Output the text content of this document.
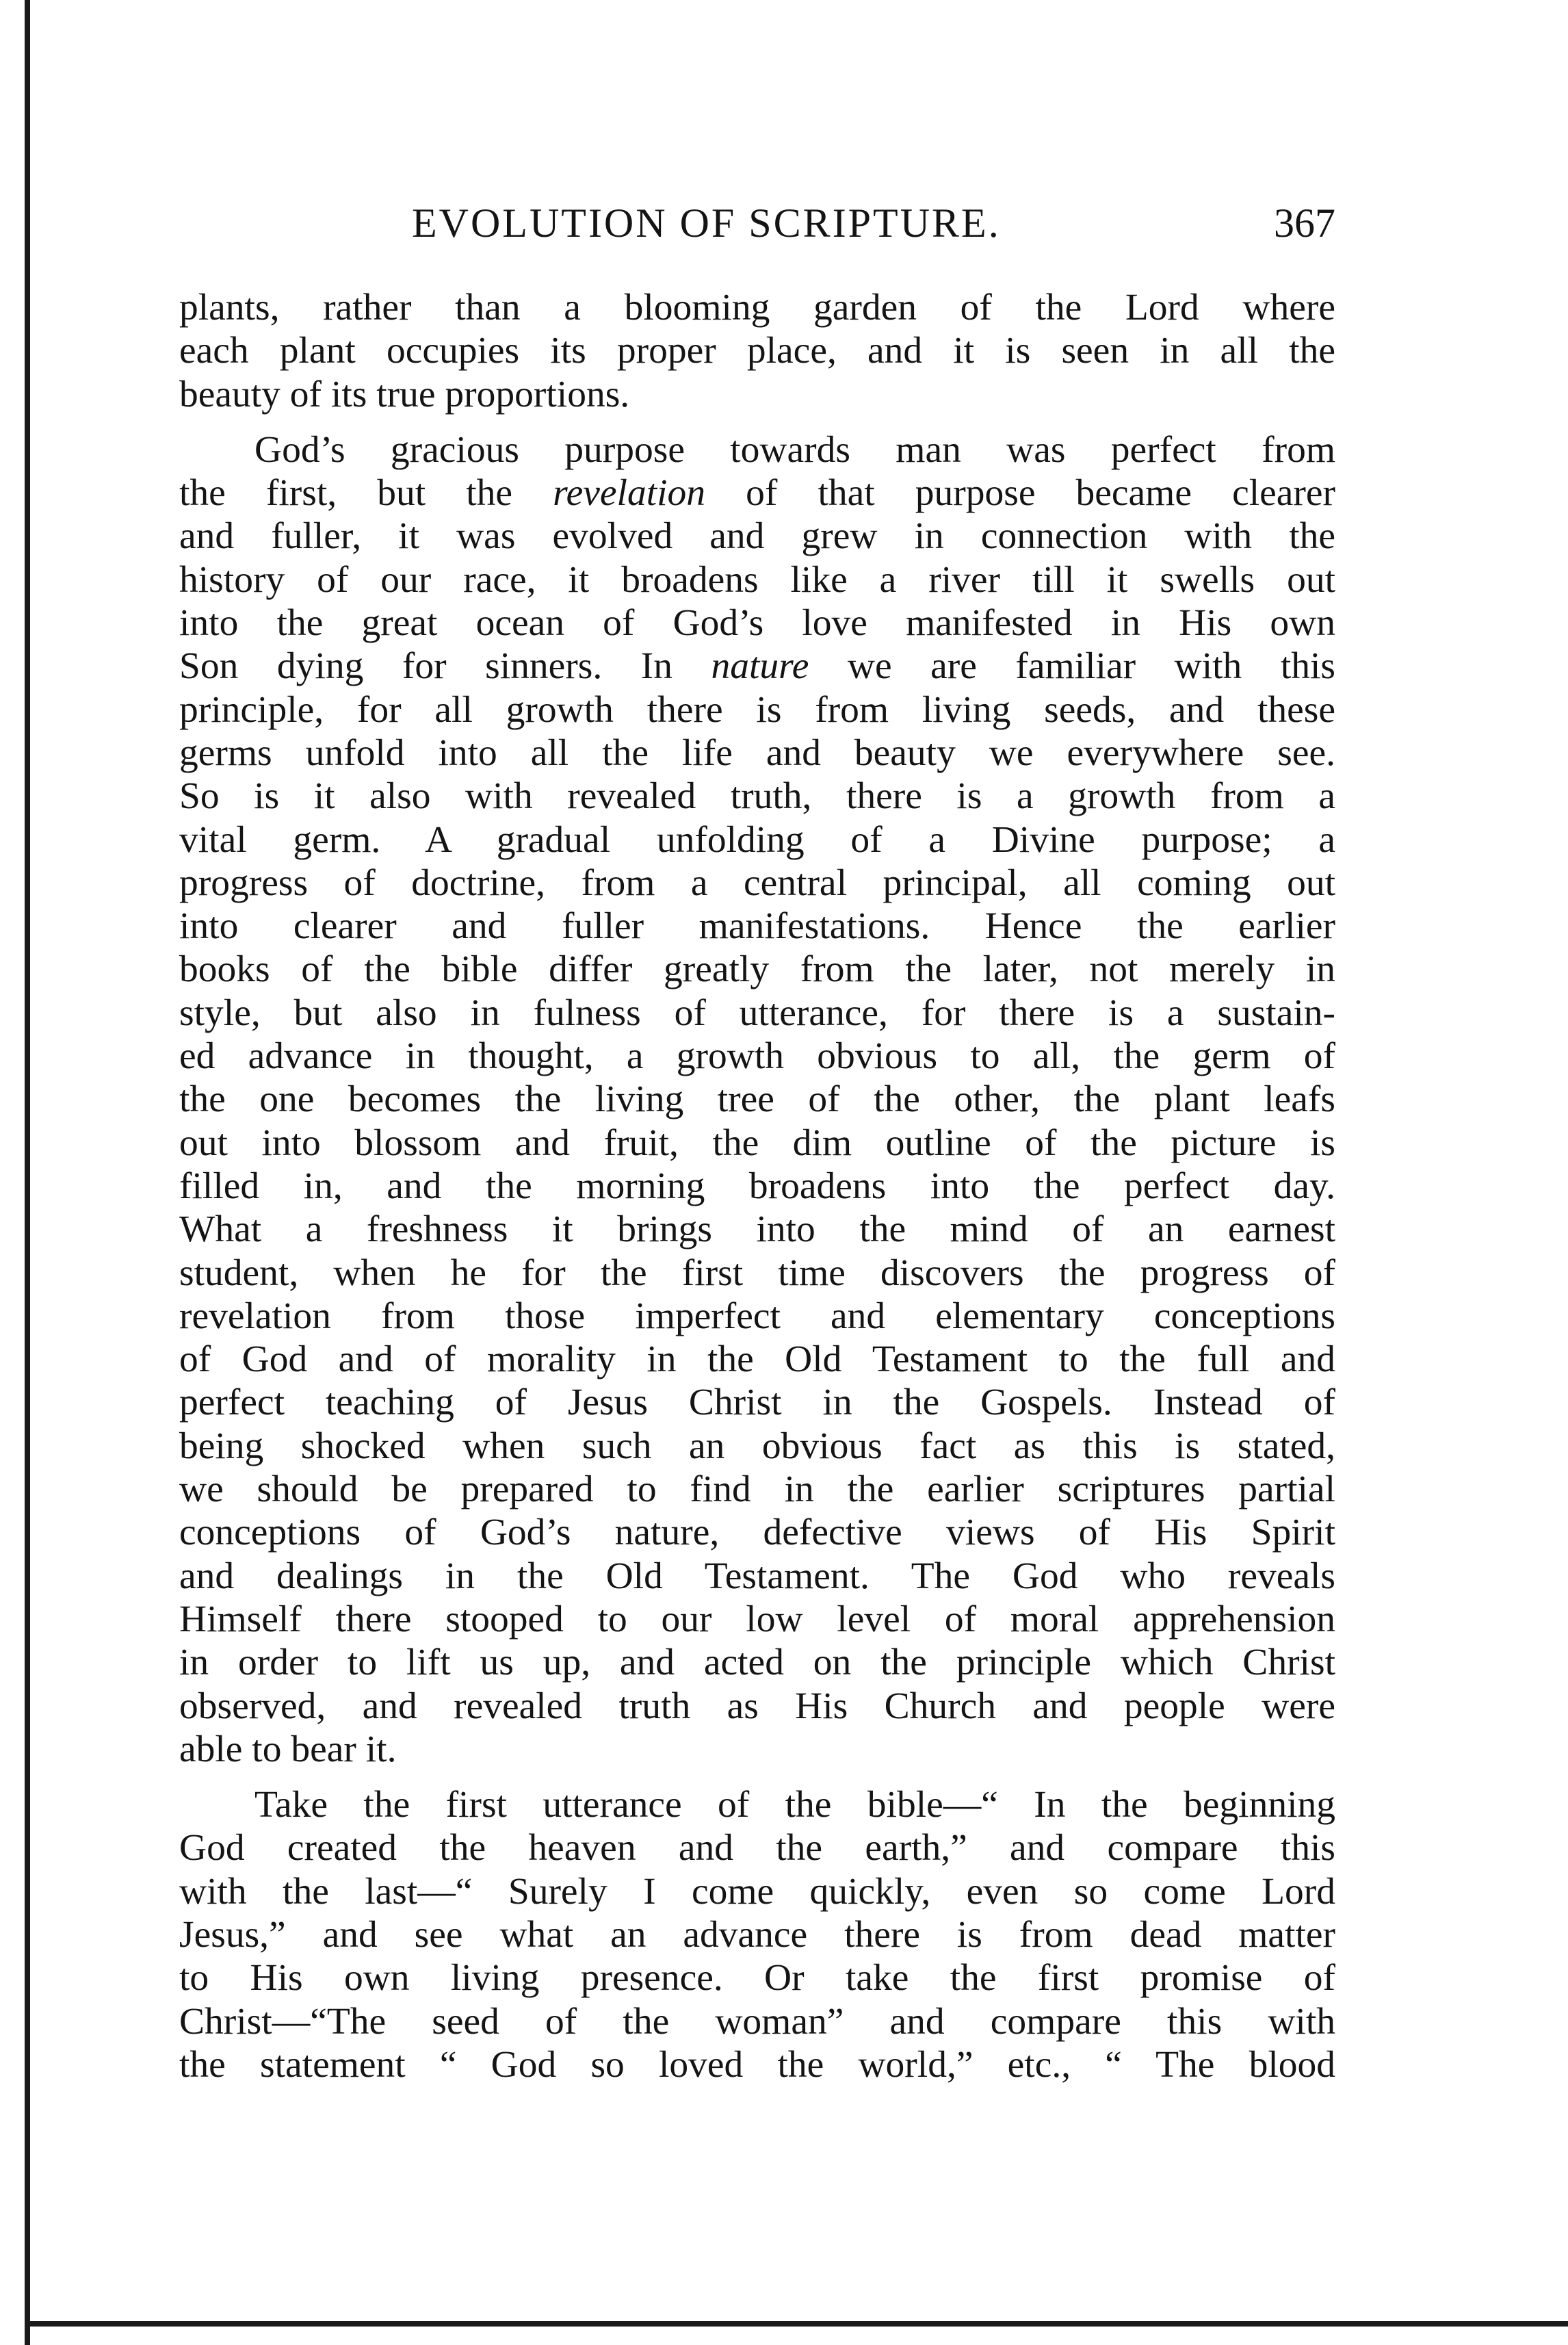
EVOLUTION OF SCRIPTURE.	367

plants, rather than a blooming garden of the Lord where
each plant occupies its proper place, and it is seen in all the
beauty of its true proportions.

God’s gracious purpose towards man was perfect from
the first, but the revelation of that purpose became clearer
and fuller, it was evolved and grew in connection with the
history of our race, it broadens like a river till it swells out
into the great ocean of God’s love manifested in His own
Son dying for sinners. In nature we are familiar with this
principle, for all growth there is from living seeds, and these
germs unfold into all the life and beauty we everywhere see.
So is it also with revealed truth, there is a growth from a
vital germ. A gradual unfolding of a Divine purpose; a
progress of doctrine, from a central principal, all coming out
into clearer and fuller manifestations. Hence the earlier
books of the bible differ greatly from the later, not merely in
style, but also in fulness of utterance, for there is a sustain-
ed advance in thought, a growth obvious to all, the germ of
the one becomes the living tree of the other, the plant leafs
out into blossom and fruit, the dim outline of the picture is
filled in, and the morning broadens into the perfect day.
What a freshness it brings into the mind of an earnest
student, when he for the first time discovers the progress of
revelation from those imperfect and elementary conceptions
of God and of morality in the Old Testament to the full and
perfect teaching of Jesus Christ in the Gospels. Instead of
being shocked when such an obvious fact as this is stated,
we should be prepared to find in the earlier scriptures partial
conceptions of God’s nature, defective views of His Spirit
and dealings in the Old Testament. The God who reveals
Himself there stooped to our low level of moral apprehension
in order to lift us up, and acted on the principle which Christ
observed, and revealed truth as His Church and people were
able to bear it.

Take the first utterance of the bible—“ In the beginning
God created the heaven and the earth,” and compare this
with the last—“ Surely I come quickly, even so come Lord
Jesus,” and see what an advance there is from dead matter
to His own living presence. Or take the first promise of
Christ—“The seed of the woman” and compare this with
the statement “ God so loved the world,” etc., “ The blood
